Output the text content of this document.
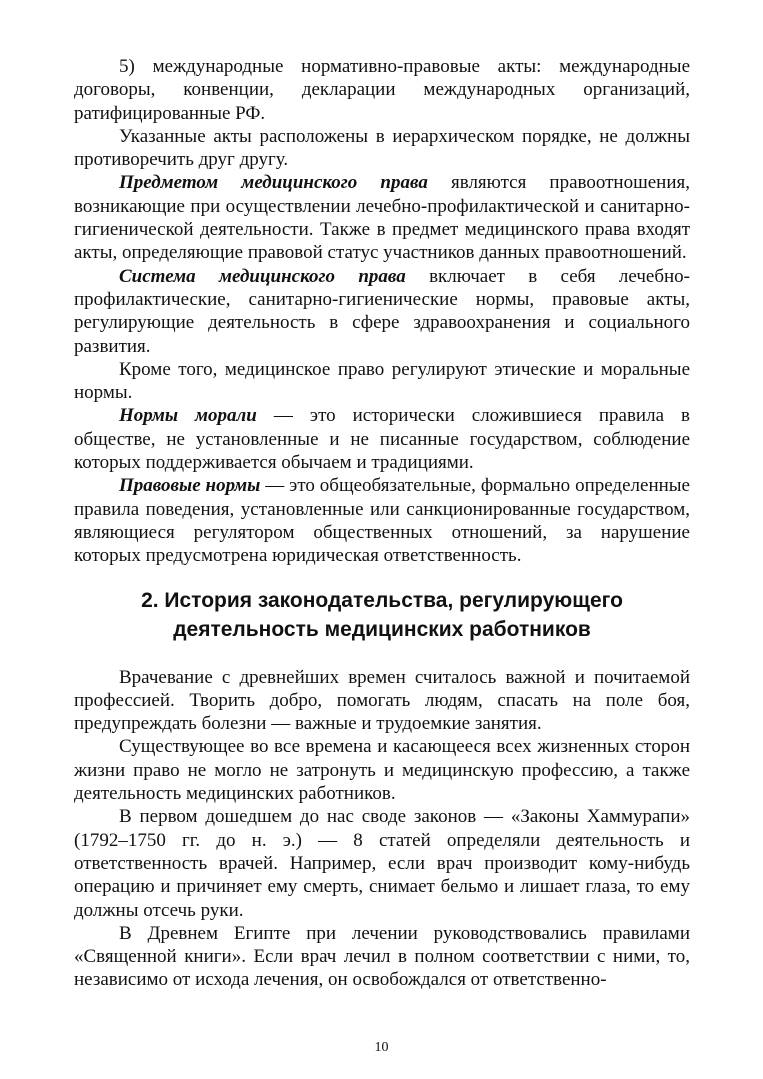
5) международные нормативно-правовые акты: международные договоры, конвенции, декларации международных организаций, ратифицированные РФ.

Указанные акты расположены в иерархическом порядке, не должны противоречить друг другу.

Предметом медицинского права являются правоотношения, возникающие при осуществлении лечебно-профилактической и санитарно-гигиенической деятельности. Также в предмет медицинского права входят акты, определяющие правовой статус участников данных правоотношений.

Система медицинского права включает в себя лечебно-профилактические, санитарно-гигиенические нормы, правовые акты, регулирующие деятельность в сфере здравоохранения и социального развития.

Кроме того, медицинское право регулируют этические и моральные нормы.

Нормы морали — это исторически сложившиеся правила в обществе, не установленные и не писанные государством, соблюдение которых поддерживается обычаем и традициями.

Правовые нормы — это общеобязательные, формально определенные правила поведения, установленные или санкционированные государством, являющиеся регулятором общественных отношений, за нарушение которых предусмотрена юридическая ответственность.

2. История законодательства, регулирующего
деятельность медицинских работников

Врачевание с древнейших времен считалось важной и почитаемой профессией. Творить добро, помогать людям, спасать на поле боя, предупреждать болезни — важные и трудоемкие занятия.

Существующее во все времена и касающееся всех жизненных сторон жизни право не могло не затронуть и медицинскую профессию, а также деятельность медицинских работников.

В первом дошедшем до нас своде законов — «Законы Хаммурапи» (1792–1750 гг. до н. э.) — 8 статей определяли деятельность и ответственность врачей. Например, если врач производит кому-нибудь операцию и причиняет ему смерть, снимает бельмо и лишает глаза, то ему должны отсечь руки.

В Древнем Египте при лечении руководствовались правилами «Священной книги». Если врач лечил в полном соответствии с ними, то, независимо от исхода лечения, он освобождался от ответственно-

10
